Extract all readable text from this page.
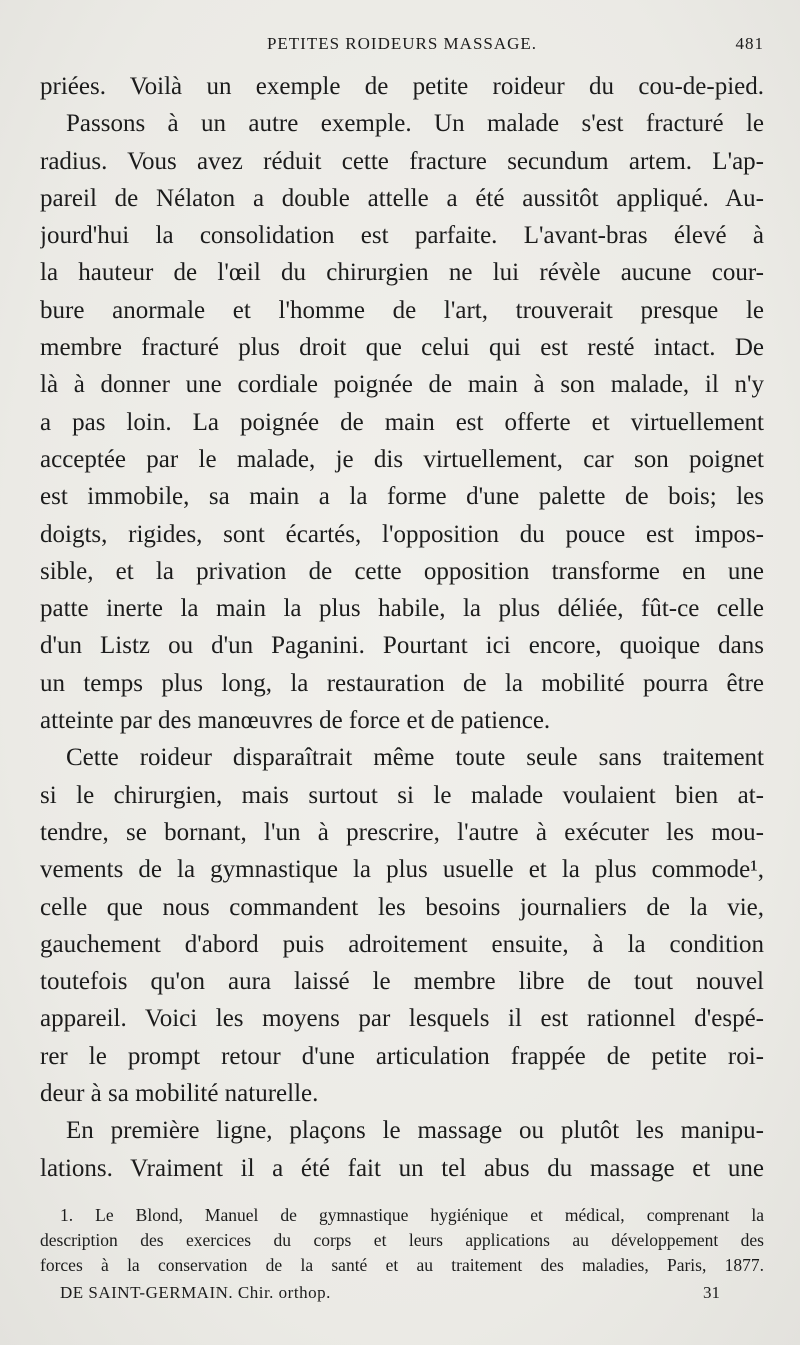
PETITES ROIDEURS MASSAGE.	481
priées. Voilà un exemple de petite roideur du cou-de-pied.
Passons à un autre exemple. Un malade s'est fracturé le
radius. Vous avez réduit cette fracture secundum artem. L'ap-
pareil de Nélaton a double attelle a été aussitôt appliqué. Au-
jourd'hui la consolidation est parfaite. L'avant-bras élevé à
la hauteur de l'œil du chirurgien ne lui révèle aucune cour-
bure anormale et l'homme de l'art, trouverait presque le
membre fracturé plus droit que celui qui est resté intact. De
là à donner une cordiale poignée de main à son malade, il n'y
a pas loin. La poignée de main est offerte et virtuellement
acceptée par le malade, je dis virtuellement, car son poignet
est immobile, sa main a la forme d'une palette de bois; les
doigts, rigides, sont écartés, l'opposition du pouce est impos-
sible, et la privation de cette opposition transforme en une
patte inerte la main la plus habile, la plus déliée, fût-ce celle
d'un Listz ou d'un Paganini. Pourtant ici encore, quoique dans
un temps plus long, la restauration de la mobilité pourra être
atteinte par des manœuvres de force et de patience.
Cette roideur disparaîtrait même toute seule sans traitement
si le chirurgien, mais surtout si le malade voulaient bien at-
tendre, se bornant, l'un à prescrire, l'autre à exécuter les mou-
vements de la gymnastique la plus usuelle et la plus commode¹,
celle que nous commandent les besoins journaliers de la vie,
gauchement d'abord puis adroitement ensuite, à la condition
toutefois qu'on aura laissé le membre libre de tout nouvel
appareil. Voici les moyens par lesquels il est rationnel d'espé-
rer le prompt retour d'une articulation frappée de petite roi-
deur à sa mobilité naturelle.
En première ligne, plaçons le massage ou plutôt les manipu-
lations. Vraiment il a été fait un tel abus du massage et une
1. Le Blond, Manuel de gymnastique hygiénique et médical, comprenant la
description des exercices du corps et leurs applications au développement des
forces à la conservation de la santé et au traitement des maladies, Paris, 1877.
DE SAINT-GERMAIN. Chir. orthop.	31
